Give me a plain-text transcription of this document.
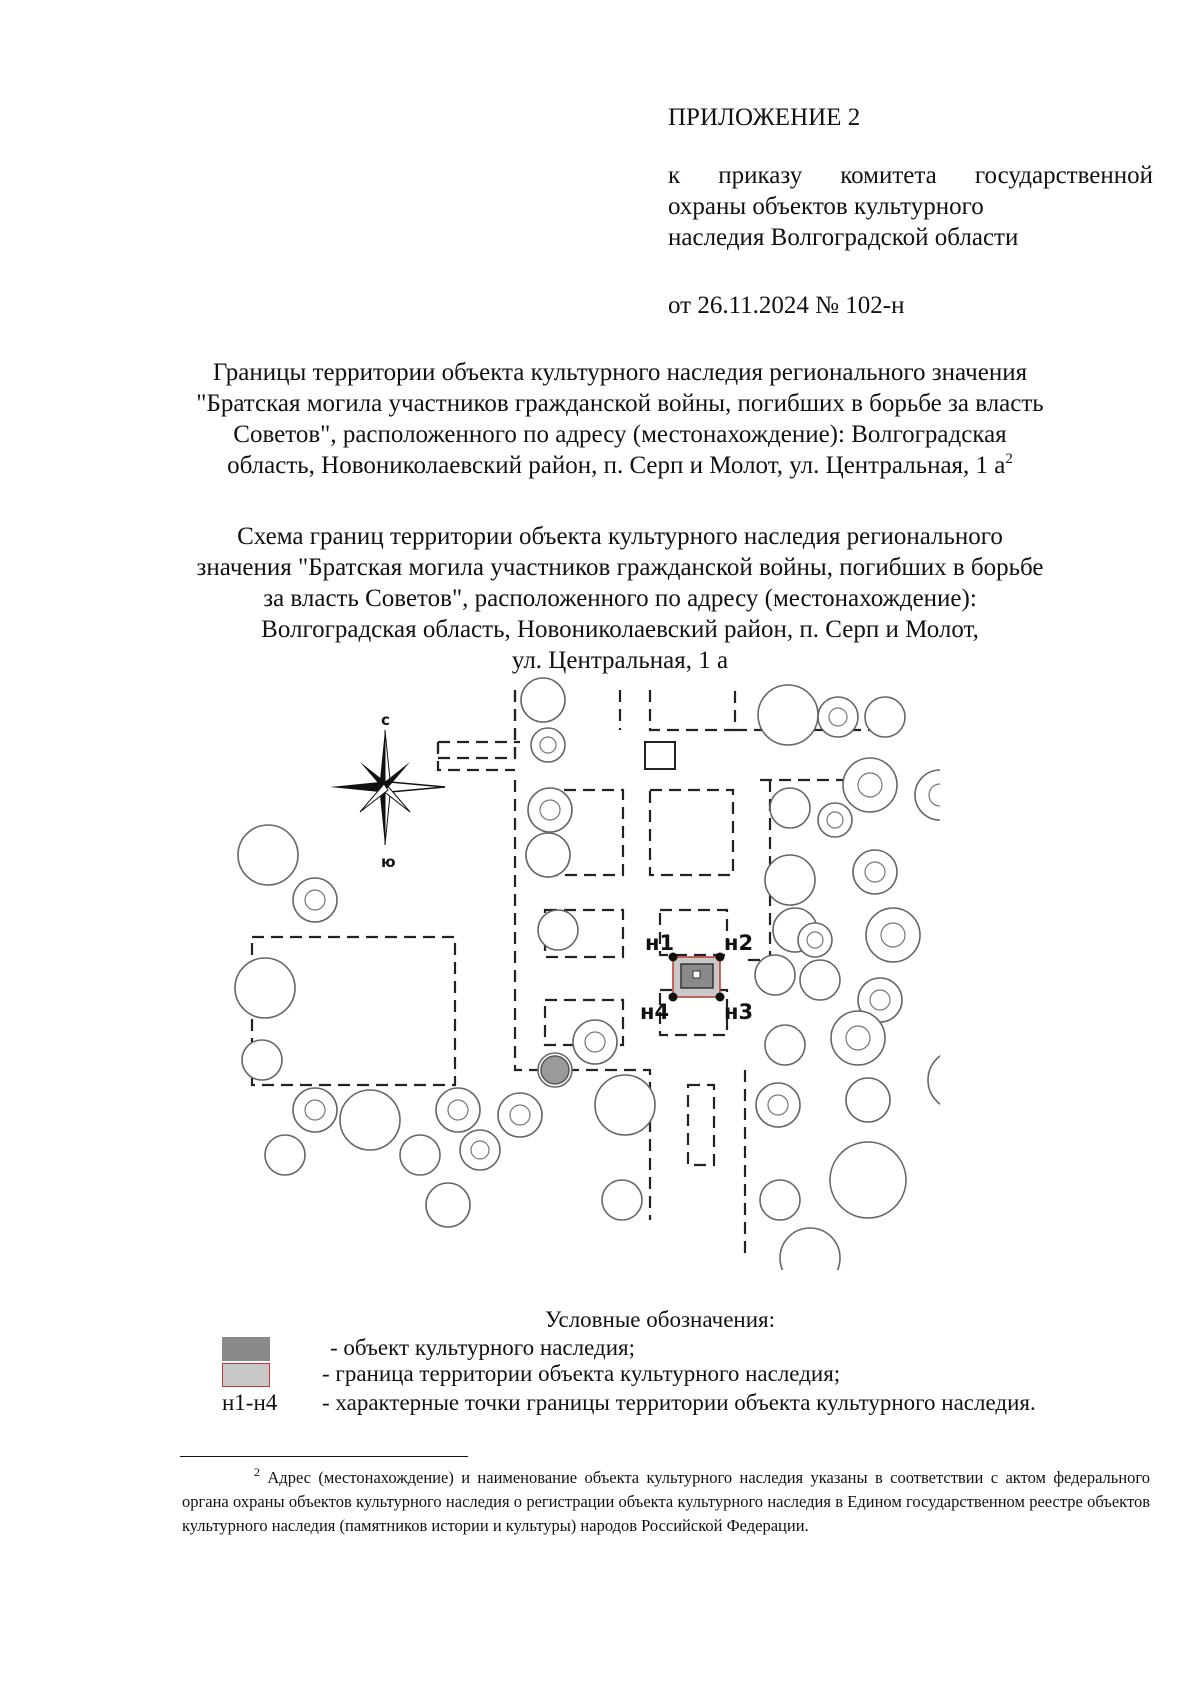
ПРИЛОЖЕНИЕ 2
к приказу комитета государственной
охраны объектов культурного
наследия Волгоградской области
от 26.11.2024 № 102-н
Границы территории объекта культурного наследия регионального значения
"Братская могила участников гражданской войны, погибших в борьбе за власть
Советов", расположенного по адресу (местонахождение): Волгоградская
область, Новониколаевский район, п. Серп и Молот, ул. Центральная, 1 $а^2$
Схема границ территории объекта культурного наследия регионального
значения "Братская могила участников гражданской войны, погибших в борьбе
за власть Советов", расположенного по адресу (местонахождение):
Волгоградская область, Новониколаевский район, п. Серп и Молот,
ул. Центральная, 1 а
н1 н2
н3
н4
с
ю
Условные обозначения:
- объект культурного наследия;
- граница территории объекта культурного наследия;
н1-н4 - характерные точки границы территории объекта культурного наследия.
$^2$ Адрес (местонахождение) и наименование объекта культурного наследия указаны в соответствии с актом федерального органа охраны объектов культурного наследия о регистрации объекта культурного наследия в Едином государственном реестре объектов культурного наследия (памятников истории и культуры) народов Российской Федерации.
